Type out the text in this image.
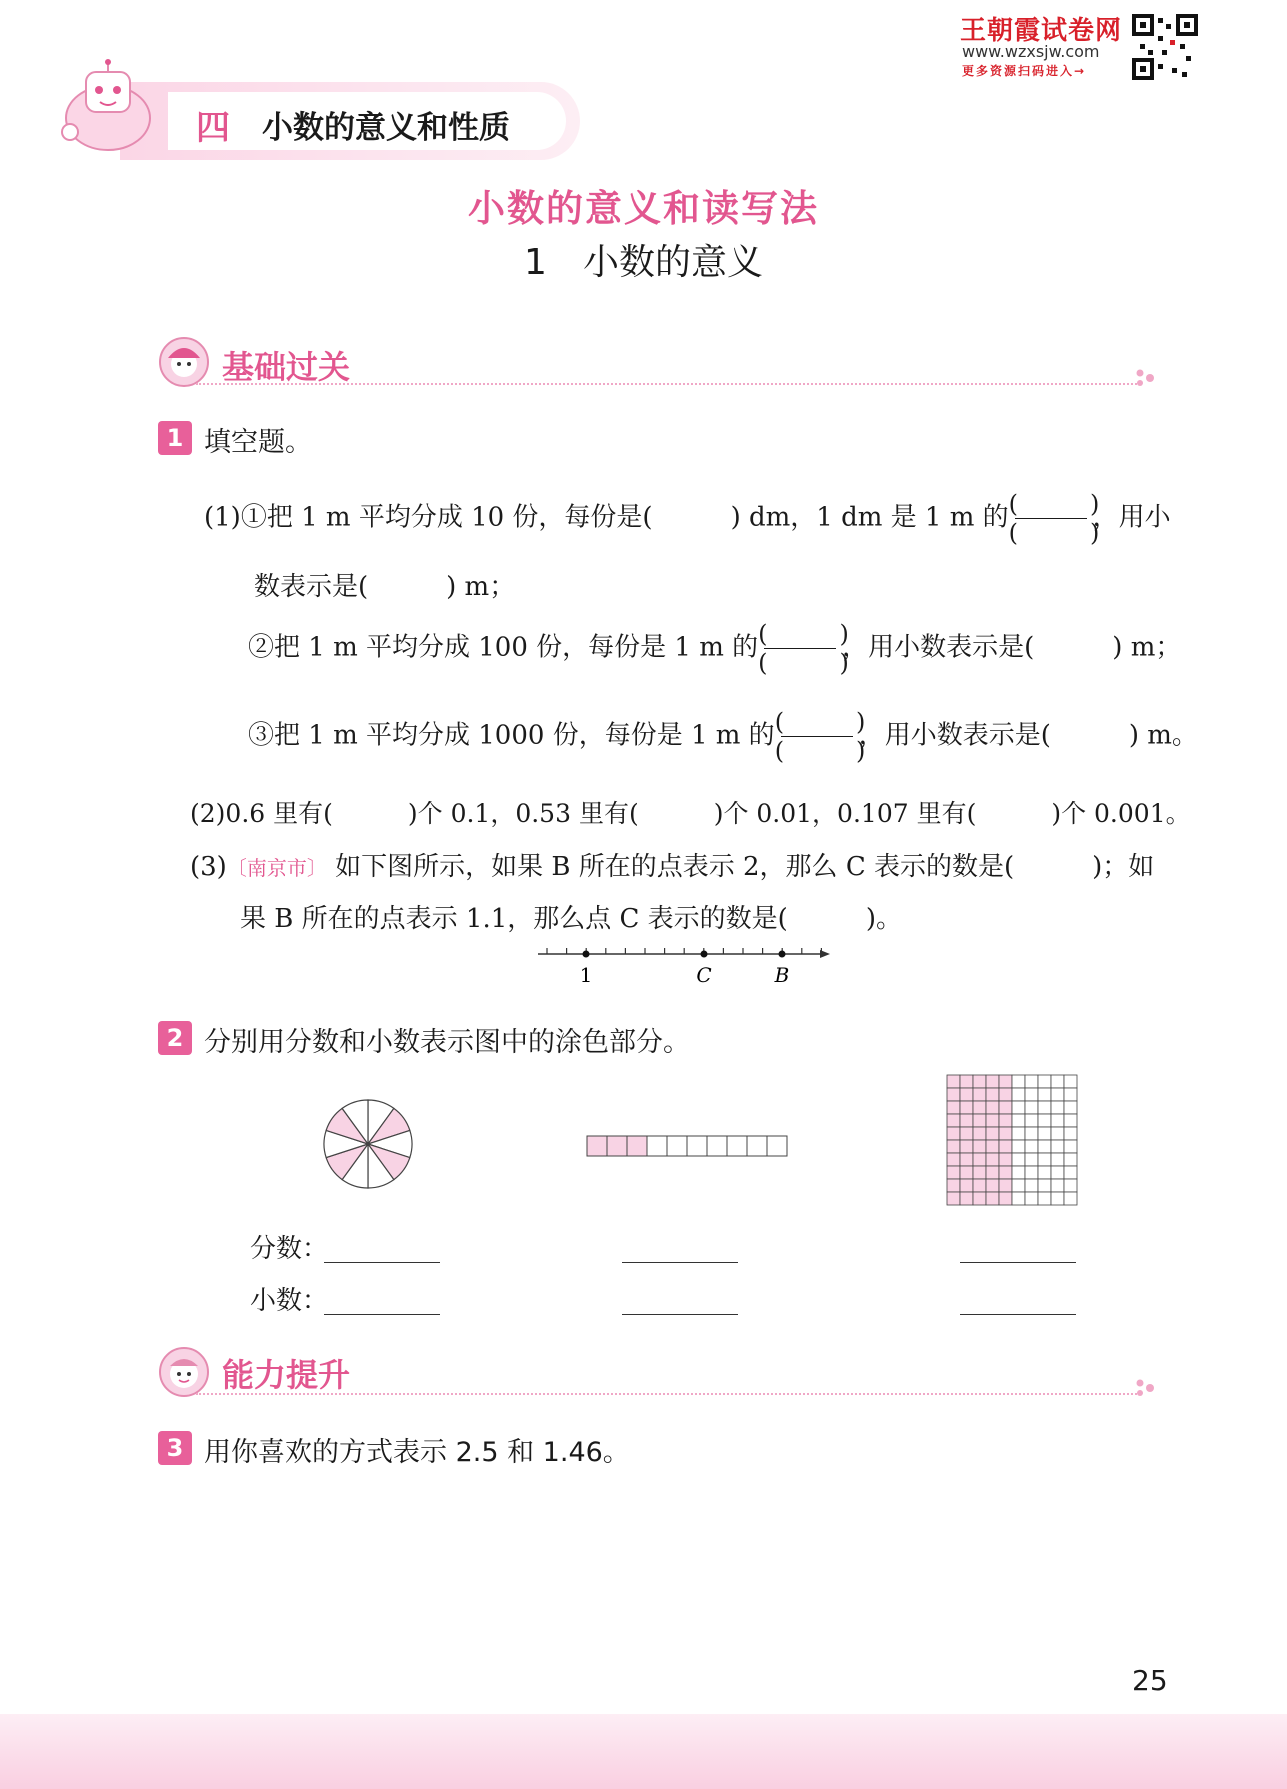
四 小数的意义和性质
王朝霞试卷网
www.wzxsjw.com
更多资源扫码进入→
小数的意义和读写法
1　小数的意义
基础过关
1 填空题。
(1)①把 1 m 平均分成 10 份，每份是(　　　) dm，1 dm 是 1 m 的 $\frac{( )}{( )}$ ，用小
数表示是(　　　) m；
②把 1 m 平均分成 100 份，每份是 1 m 的 $\frac{( )}{( )}$ ，用小数表示是(　　　) m；
③把 1 m 平均分成 1000 份，每份是 1 m 的 $\frac{( )}{( )}$ ，用小数表示是(　　　) m。
(2)0.6 里有(　　　)个 0.1，0.53 里有(　　　)个 0.01，0.107 里有(　　　)个 0.001。
(3)〔南京市〕 如下图所示，如果 B 所在的点表示 2，那么 C 表示的数是(　　　)；如
果 B 所在的点表示 1.1，那么点 C 表示的数是(　　　)。
1	C	B
2 分别用分数和小数表示图中的涂色部分。
分数：
小数：
能力提升
3 用你喜欢的方式表示 2.5 和 1.46。
25
